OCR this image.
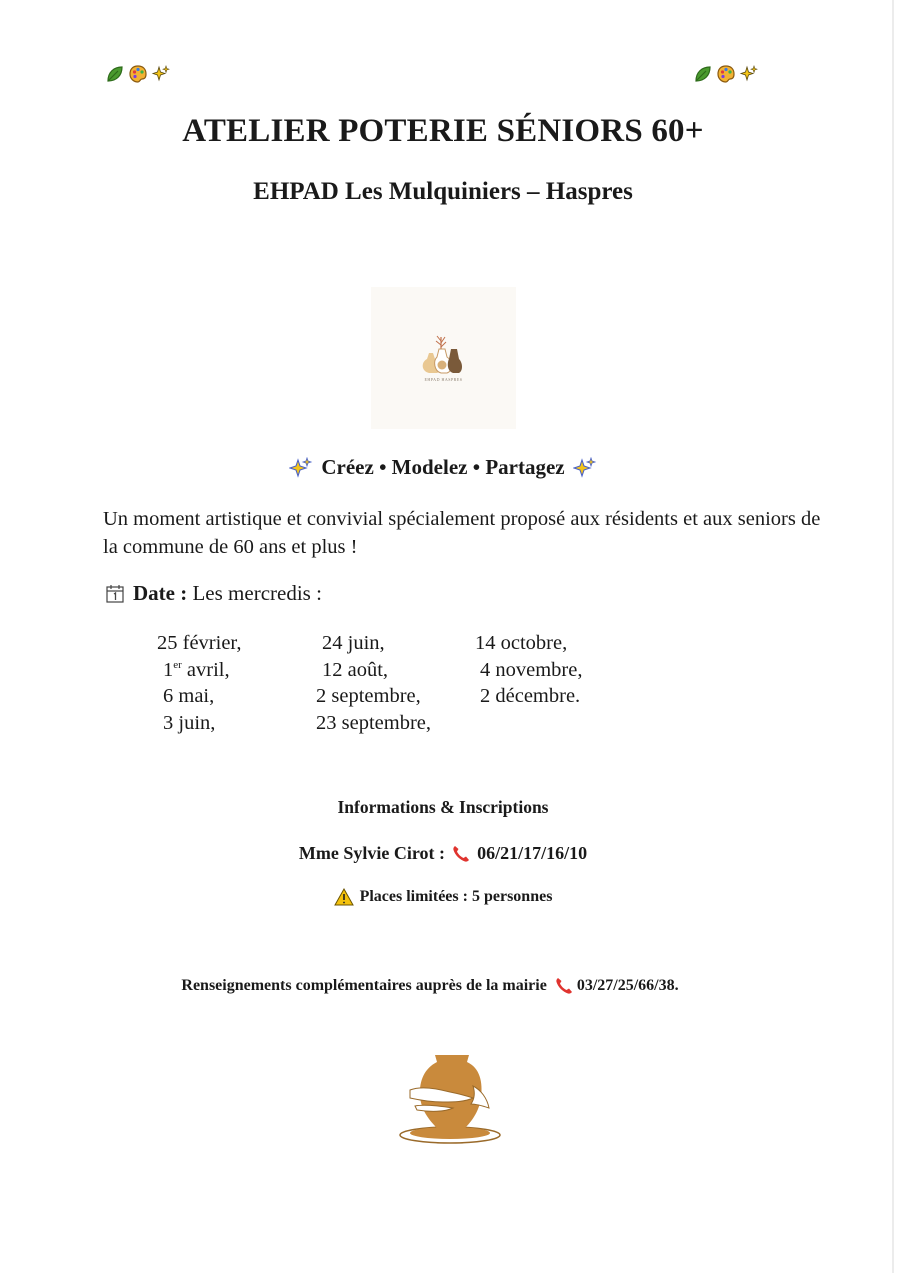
ATELIER POTERIE SÉNIORS 60+
EHPAD Les Mulquiniers – Haspres
EHPAD HASPRES
Créez • Modelez • Partagez

Un moment artistique et convivial spécialement proposé aux résidents et aux seniors de la commune de 60 ans et plus !

Date : Les mercredis :
25 février,
1er avril,
6 mai,
3 juin,
24 juin,
12 août,
2 septembre,
23 septembre,
14 octobre,
4 novembre,
2 décembre.
Informations & Inscriptions
Mme Sylvie Cirot : 06/21/17/16/10
Places limitées : 5 personnes
Renseignements complémentaires auprès de la mairie 03/27/25/66/38.
